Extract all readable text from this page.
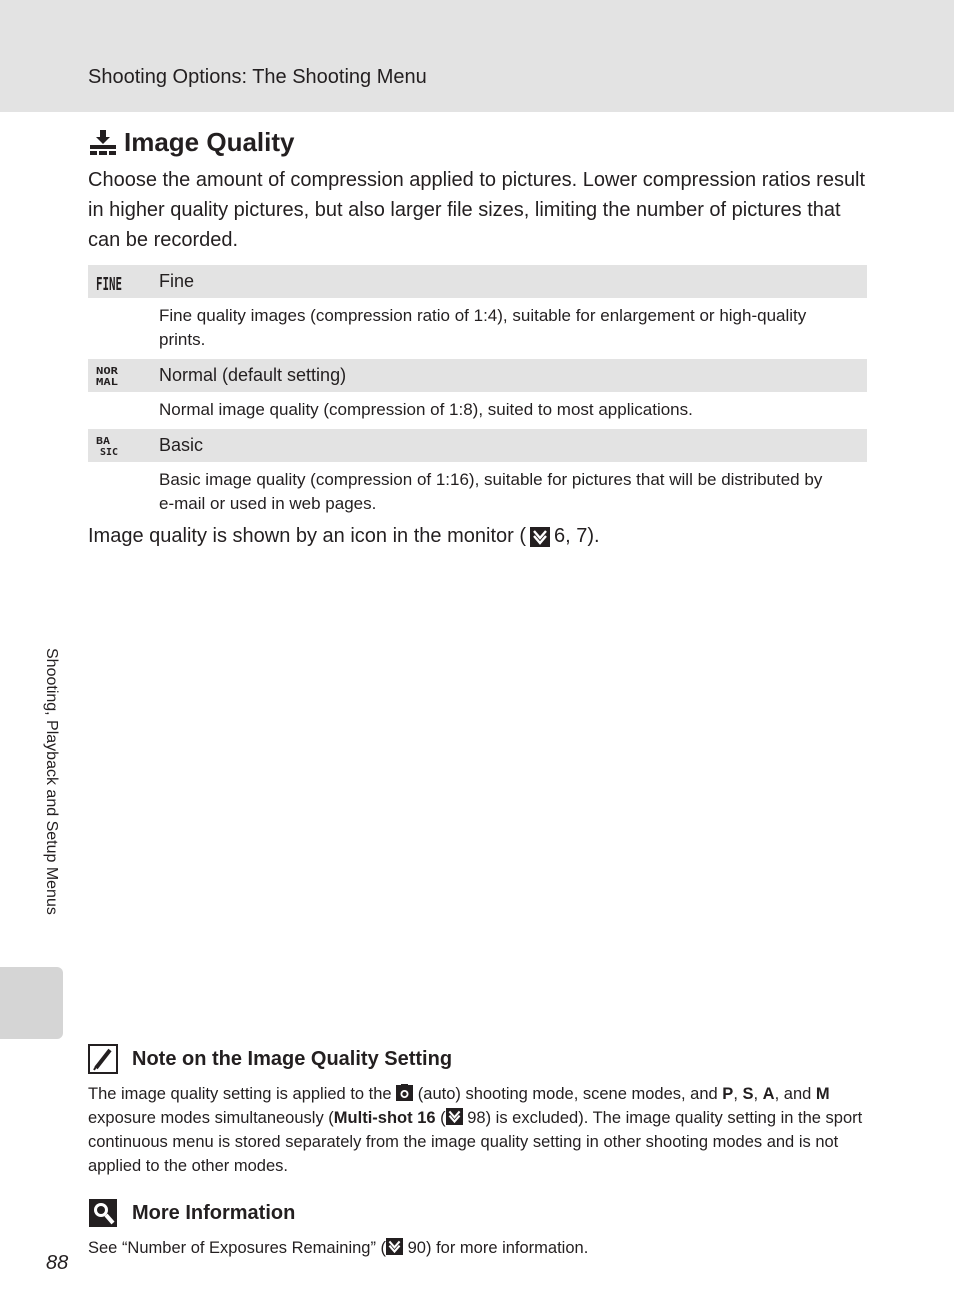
Shooting Options: The Shooting Menu
Image Quality

Choose the amount of compression applied to pictures. Lower compression ratios result in higher quality pictures, but also larger file sizes, limiting the number of pictures that can be recorded.

FINE Fine
Fine quality images (compression ratio of 1:4), suitable for enlargement or high-quality prints.
NOR
MAL Normal (default setting)
Normal image quality (compression of 1:8), suited to most applications.
BA
SIC Basic
Basic image quality (compression of 1:16), suitable for pictures that will be distributed by e-mail or used in web pages.
Image quality is shown by an icon in the monitor ( 6, 7).
Shooting, Playback and Setup Menus
Note on the Image Quality Setting
The image quality setting is applied to the  (auto) shooting mode, scene modes, and P, S, A, and M exposure modes simultaneously (Multi-shot 16 ( 98) is excluded). The image quality setting in the sport continuous menu is stored separately from the image quality setting in other shooting modes and is not applied to the other modes.
More Information
See “Number of Exposures Remaining” ( 90) for more information.
88
